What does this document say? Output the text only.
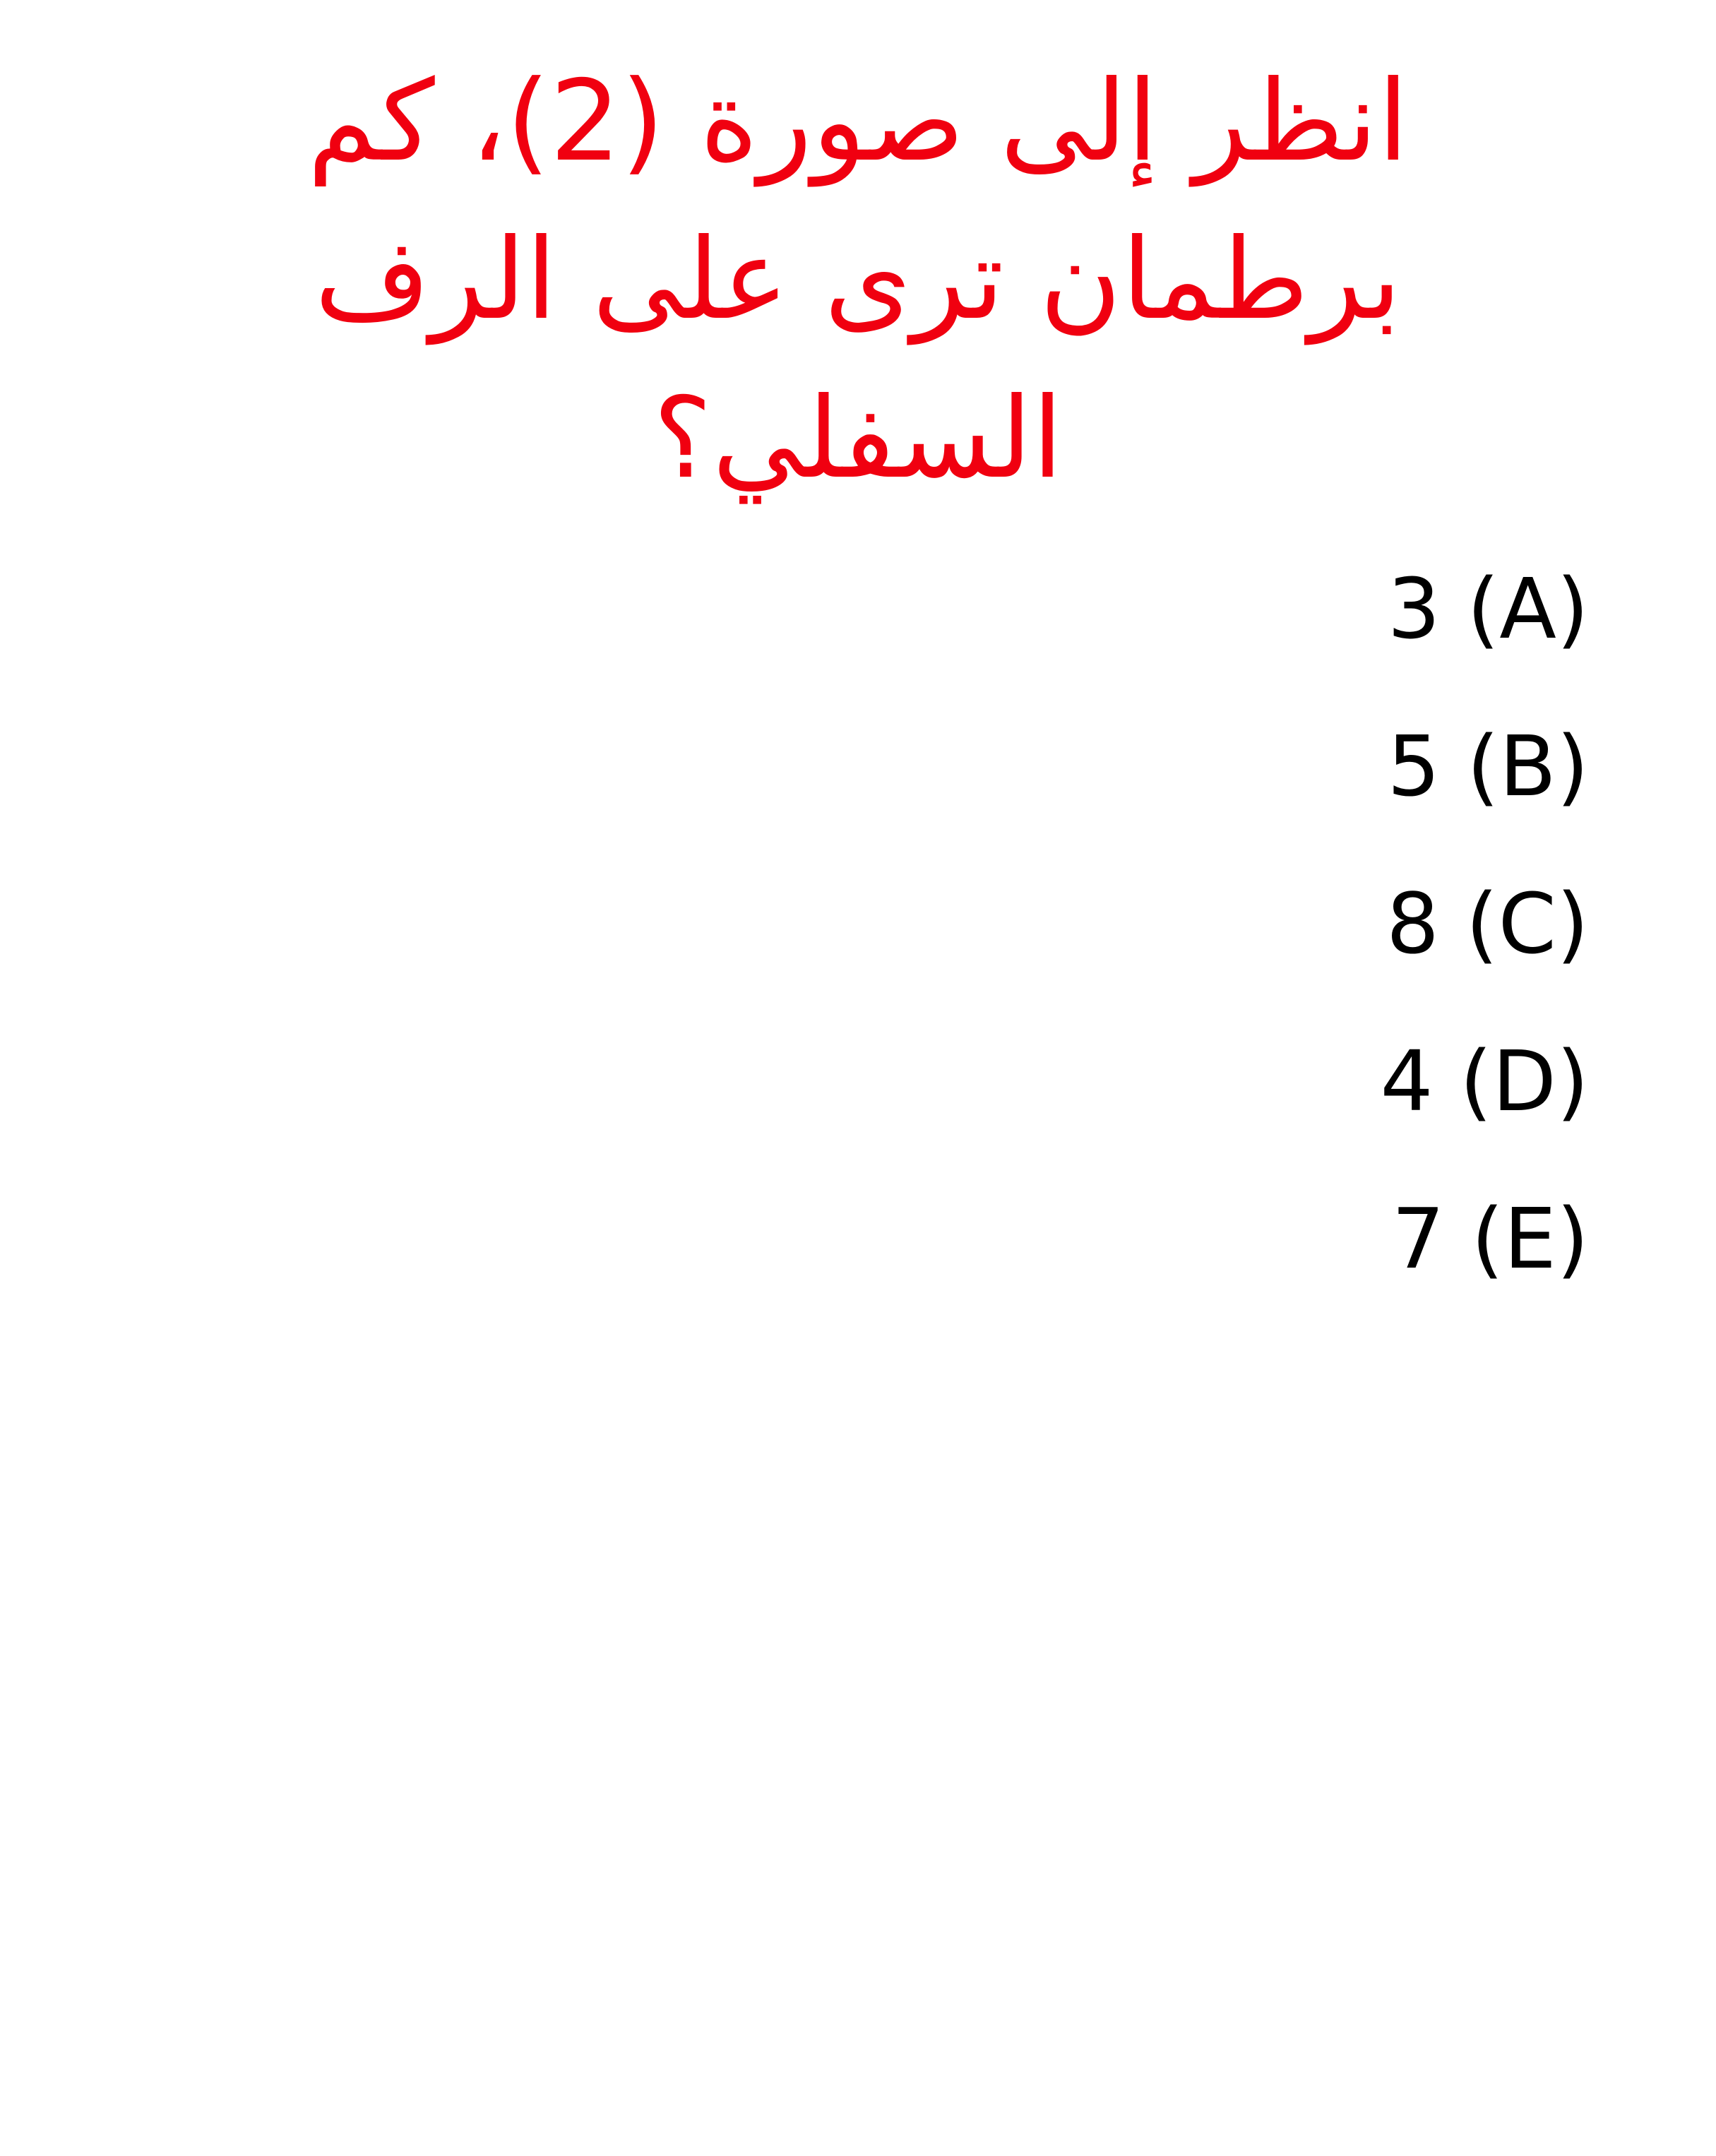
انظر إلى صورة (2)، كم برطمان ترى على الرف السفلي؟
3 (A)
5 (B)
8 (C)
4 (D)
7 (E)
